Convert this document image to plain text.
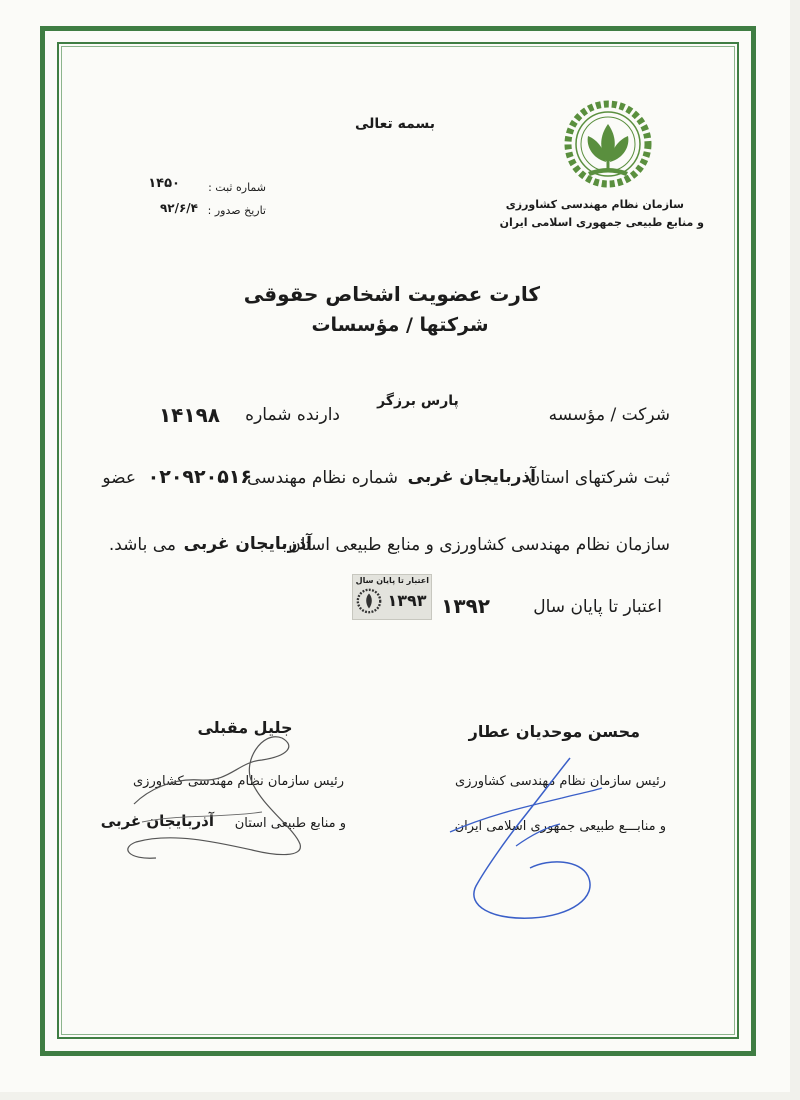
سازمان نظام مهندسی کشاورزی
و منابع طبیعی جمهوری اسلامی ایران
بسمه تعالی
شماره ثبت :
۱۴۵۰
تاریخ صدور :
۹۲/۶/۴
کارت عضویت اشخاص حقوقی
شرکتها / مؤسسات
پارس برزگر
شرکت / مؤسسه
دارنده شماره
۱۴۱۹۸
ثبت شرکتهای استان
آذربایجان غربی
شماره نظام مهندسی
۰۲۰۹۲۰۵۱۶
عضو
سازمان نظام مهندسی کشاورزی و منابع طبیعی استان
آذربایجان غربی
می باشد.
اعتبار تا پایان سال
۱۳۹۲
اعتبار تا پایان سال
۱۳۹۳
محسن موحدیان عطار
رئیس سازمان نظام مهندسی کشاورزی
و منابـــع طبیعی جمهوری اسلامی ایران
جلیل مقبلی
رئیس سازمان نظام مهندسی کشاورزی
و منابع طبیعی استان
آذربایجان غربی
